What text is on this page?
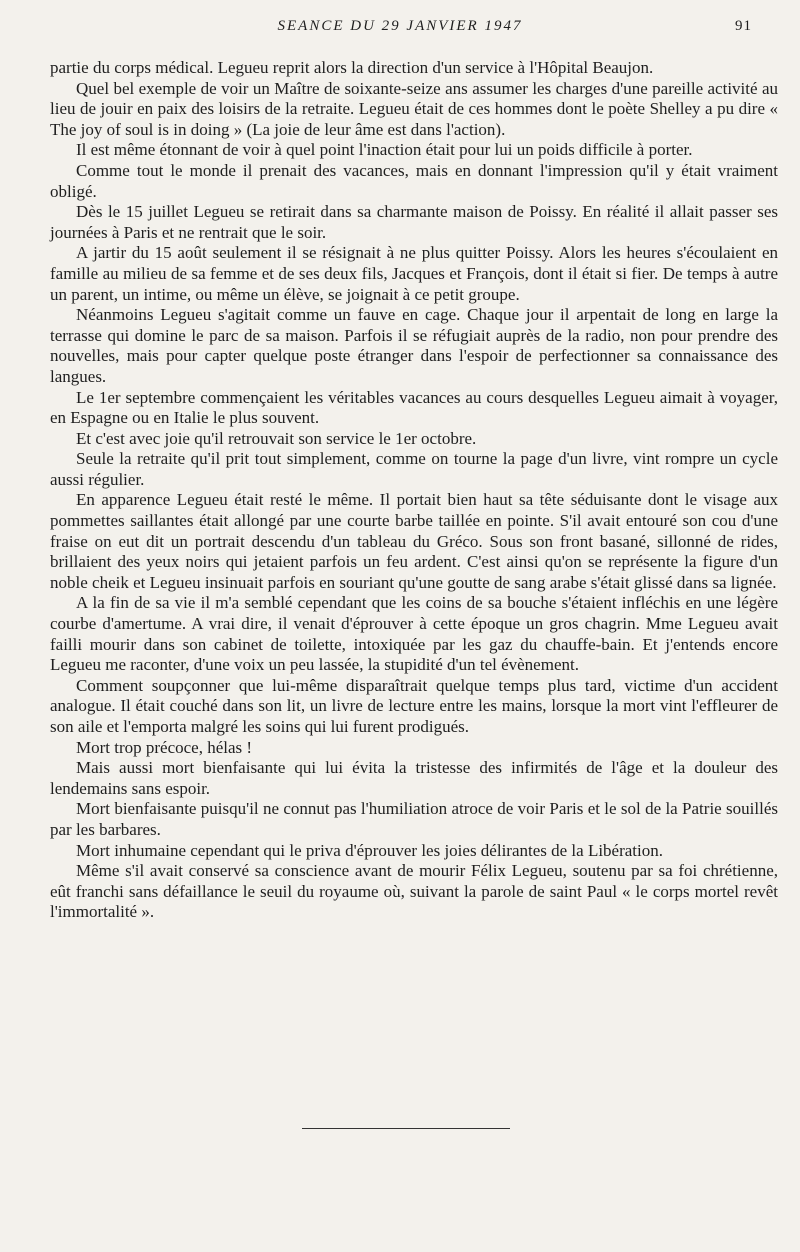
SEANCE DU 29 JANVIER 1947	91

partie du corps médical. Legueu reprit alors la direction d'un service à l'Hôpital Beaujon.

Quel bel exemple de voir un Maître de soixante-seize ans assumer les charges d'une pareille activité au lieu de jouir en paix des loisirs de la retraite. Legueu était de ces hommes dont le poète Shelley a pu dire « The joy of soul is in doing » (La joie de leur âme est dans l'action).

Il est même étonnant de voir à quel point l'inaction était pour lui un poids difficile à porter.

Comme tout le monde il prenait des vacances, mais en donnant l'impression qu'il y était vraiment obligé.

Dès le 15 juillet Legueu se retirait dans sa charmante maison de Poissy. En réalité il allait passer ses journées à Paris et ne rentrait que le soir.

A jartir du 15 août seulement il se résignait à ne plus quitter Poissy. Alors les heures s'écoulaient en famille au milieu de sa femme et de ses deux fils, Jacques et François, dont il était si fier. De temps à autre un parent, un intime, ou même un élève, se joignait à ce petit groupe.

Néanmoins Legueu s'agitait comme un fauve en cage. Chaque jour il arpentait de long en large la terrasse qui domine le parc de sa maison. Parfois il se réfugiait auprès de la radio, non pour prendre des nouvelles, mais pour capter quelque poste étranger dans l'espoir de perfectionner sa connaissance des langues.

Le 1er septembre commençaient les véritables vacances au cours desquelles Legueu aimait à voyager, en Espagne ou en Italie le plus souvent.

Et c'est avec joie qu'il retrouvait son service le 1er octobre.

Seule la retraite qu'il prit tout simplement, comme on tourne la page d'un livre, vint rompre un cycle aussi régulier.

En apparence Legueu était resté le même. Il portait bien haut sa tête séduisante dont le visage aux pommettes saillantes était allongé par une courte barbe taillée en pointe. S'il avait entouré son cou d'une fraise on eut dit un portrait descendu d'un tableau du Gréco. Sous son front basané, sillonné de rides, brillaient des yeux noirs qui jetaient parfois un feu ardent. C'est ainsi qu'on se représente la figure d'un noble cheik et Legueu insinuait parfois en souriant qu'une goutte de sang arabe s'était glissé dans sa lignée.

A la fin de sa vie il m'a semblé cependant que les coins de sa bouche s'étaient infléchis en une légère courbe d'amertume. A vrai dire, il venait d'éprouver à cette époque un gros chagrin. Mme Legueu avait failli mourir dans son cabinet de toilette, intoxiquée par les gaz du chauffe-bain. Et j'entends encore Legueu me raconter, d'une voix un peu lassée, la stupidité d'un tel évènement.

Comment soupçonner que lui-même disparaîtrait quelque temps plus tard, victime d'un accident analogue. Il était couché dans son lit, un livre de lecture entre les mains, lorsque la mort vint l'effleurer de son aile et l'emporta malgré les soins qui lui furent prodigués.

Mort trop précoce, hélas !

Mais aussi mort bienfaisante qui lui évita la tristesse des infirmités de l'âge et la douleur des lendemains sans espoir.

Mort bienfaisante puisqu'il ne connut pas l'humiliation atroce de voir Paris et le sol de la Patrie souillés par les barbares.

Mort inhumaine cependant qui le priva d'éprouver les joies délirantes de la Libération.

Même s'il avait conservé sa conscience avant de mourir Félix Legueu, soutenu par sa foi chrétienne, eût franchi sans défaillance le seuil du royaume où, suivant la parole de saint Paul « le corps mortel revêt l'immortalité ».
